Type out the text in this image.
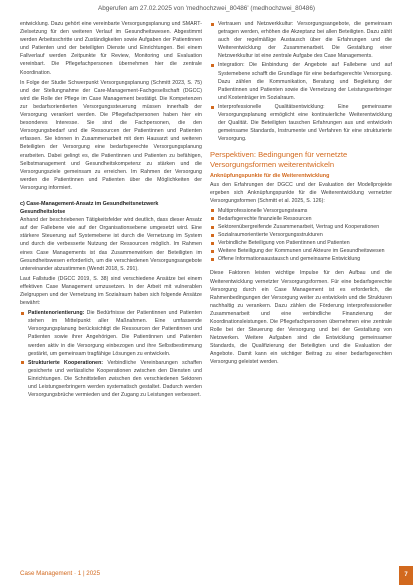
Abgerufen am 27.02.2025 von 'medhochzwei_80486' (medhochzwei_80486)

entwicklung. Dazu gehört eine vereinbarte Versorgungsplanung und SMART-Zielsetzung für den weiteren Verlauf im Gesundheitswesen. Abgestimmt werden Arbeitsschritte und Zuständigkeiten sowie Aufgaben der Patientinnen und Patienten und der beteiligten Dienste und Einrichtungen. Bei einem Fallverlauf werden Zeitpunkte für Review, Monitoring und Evaluation vereinbart. Die Pflegefachpersonen übernehmen hier die zentrale Koordination.

In Folge der Studie Schwerpunkt Versorgungsplanung (Schmitt 2023, S. 75) und der Stellungnahme der Care-Management-Fachgesellschaft (DGCC) wird die Rolle der Pflege im Case Management bestätigt. Die Kompetenzen zur bedarfsorientierten Versorgungssteuerung müssen innerhalb der Versorgung verankert werden. Die Pflegefachpersonen haben hier ein besonderes Interesse. Sie sind die Fachpersonen, die den Versorgungsbedarf und die Ressourcen der Patientinnen und Patienten erfassen. Sie können in Zusammenarbeit mit dem Hausarzt und weiteren Beteiligten der Versorgung eine bedarfsgerechte Versorgungsplanung erarbeiten. Dabei gelingt es, die Patientinnen und Patienten zu befähigen, Selbstmanagement und Gesundheitskompetenz zu stärken und die Versorgungsziele gemeinsam zu erreichen. Im Rahmen der Versorgung werden die Patientinnen und Patienten über die Möglichkeiten der Versorgung informiert.

c) Case-Management-Ansatz im Gesundheitsnetzwerk Gesundheitslotse

Anhand der beschriebenen Tätigkeitsfelder wird deutlich, dass dieser Ansatz auf der Fallebene wie auf der Organisationsebene umgesetzt wird. Eine stärkere Steuerung auf Systemebene ist durch die Vernetzung im System und durch die verbesserte Nutzung der Ressourcen möglich. Im Rahmen eines Case Managements ist das Zusammenwirken der Beteiligten im Gesundheitswesen erforderlich, um die verschiedenen Versorgungsangebote untereinander abzustimmen (Wendt 2018, S. 291).

Laut Fallstudie (DGCC 2019, S. 38) sind verschiedene Ansätze bei einem effektiven Case Management umzusetzen. In der Arbeit mit vulnerablen Zielgruppen und der Vernetzung im Sozialraum haben sich folgende Ansätze bewährt:

Patientenorientierung: Die Bedürfnisse der Patientinnen und Patienten stehen im Mittelpunkt aller Maßnahmen. Eine umfassende Versorgungsplanung berücksichtigt die Ressourcen der Patientinnen und Patienten sowie ihrer Angehörigen. Die Patientinnen und Patienten werden aktiv in die Versorgung einbezogen und ihre Selbstbestimmung gestärkt, um gemeinsam tragfähige Lösungen zu entwickeln.
Strukturierte Kooperationen: Verbindliche Vereinbarungen schaffen gesicherte und verlässliche Kooperationen zwischen den Diensten und Einrichtungen. Die Schnittstellen zwischen den verschiedenen Sektoren und Leistungserbringern werden systematisch gestaltet. Dadurch werden Versorgungsbrüche vermieden und der Zugang zu Leistungen verbessert.
Vertrauen und Netzwerkkultur: Versorgungsangebote, die gemeinsam getragen werden, erhöhen die Akzeptanz bei allen Beteiligten. Dazu zählt auch der regelmäßige Austausch über die Erfahrungen und die Weiterentwicklung der Zusammenarbeit. Die Gestaltung einer Netzwerkkultur ist eine zentrale Aufgabe des Case Managements.
Integration: Die Einbindung der Angebote auf Fallebene und auf Systemebene schafft die Grundlage für eine bedarfsgerechte Versorgung. Dazu zählen die Kommunikation, Beratung und Begleitung der Patientinnen und Patienten sowie die Vernetzung der Leistungserbringer und Kostenträger im Sozialraum.
Interprofessionelle Qualitätsentwicklung: Eine gemeinsame Versorgungsplanung ermöglicht eine kontinuierliche Weiterentwicklung der Qualität. Die Beteiligten tauschen Erfahrungen aus und entwickeln gemeinsame Standards, Instrumente und Verfahren für eine strukturierte Versorgung.
Perspektiven: Bedingungen für vernetzte Versorgungsformen weiterentwickeln
Anknüpfungspunkte für die Weiterentwicklung

Aus den Erfahrungen der DGCC und der Evaluation der Modellprojekte ergeben sich Anknüpfungspunkte für die Weiterentwicklung vernetzter Versorgungsformen (Schmitt et al. 2025, S. 126):

Multiprofessionelle Versorgungsteams
Bedarfsgerechte finanzielle Ressourcen
Sektorenübergreifende Zusammenarbeit, Vertrag und Kooperationen
Sozialraumorientierte Versorgungsstrukturen
Verbindliche Beteiligung von Patientinnen und Patienten
Weitere Beteiligung der Kommunen und Akteure im Gesundheitswesen
Offene Informationsaustausch und gemeinsame Entwicklung

Diese Faktoren leisten wichtige Impulse für den Aufbau und die Weiterentwicklung vernetzter Versorgungsformen. Für eine bedarfsgerechte Versorgung durch ein Case Management ist es erforderlich, die Rahmenbedingungen der Versorgung weiter zu entwickeln und die Strukturen nachhaltig zu verankern. Dazu zählen die Förderung interprofessioneller Zusammenarbeit und eine verbindliche Finanzierung der Koordinationsleistungen. Die Pflegefachpersonen übernehmen eine zentrale Rolle bei der Steuerung der Versorgung und bei der Gestaltung von Netzwerken. Weitere Aufgaben sind die Entwicklung gemeinsamer Standards, die Qualifizierung der Beteiligten und die Evaluation der Angebote. Damit kann ein wichtiger Beitrag zu einer bedarfsgerechten Versorgung geleistet werden.

Case Management · 1 | 2025	7
